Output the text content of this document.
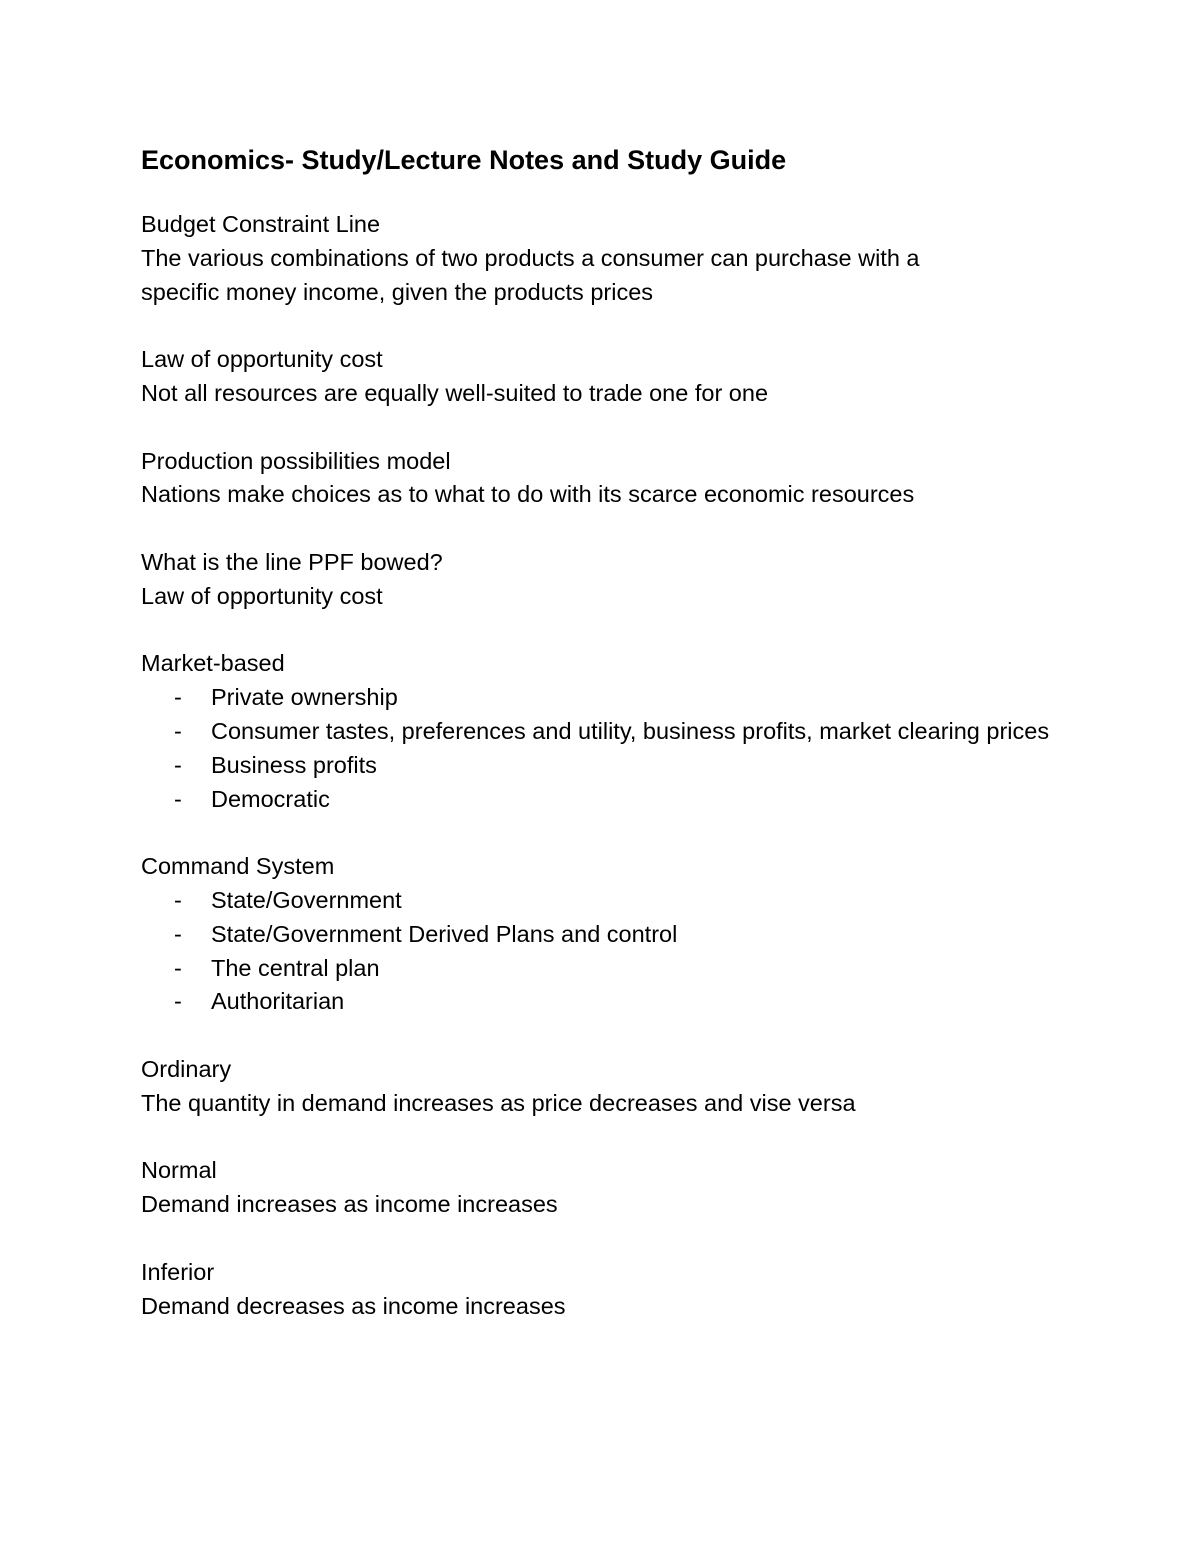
Economics- Study/Lecture Notes and Study Guide
Budget Constraint Line
The various combinations of two products a consumer can purchase with a
specific money income, given the products prices
Law of opportunity cost
Not all resources are equally well-suited to trade one for one
Production possibilities model
Nations make choices as to what to do with its scarce economic resources
What is the line PPF bowed?
Law of opportunity cost
Market-based
- Private ownership
- Consumer tastes, preferences and utility, business profits, market clearing prices
- Business profits
- Democratic
Command System
- State/Government
- State/Government Derived Plans and control
- The central plan
- Authoritarian
Ordinary
The quantity in demand increases as price decreases and vise versa
Normal
Demand increases as income increases
Inferior
Demand decreases as income increases
